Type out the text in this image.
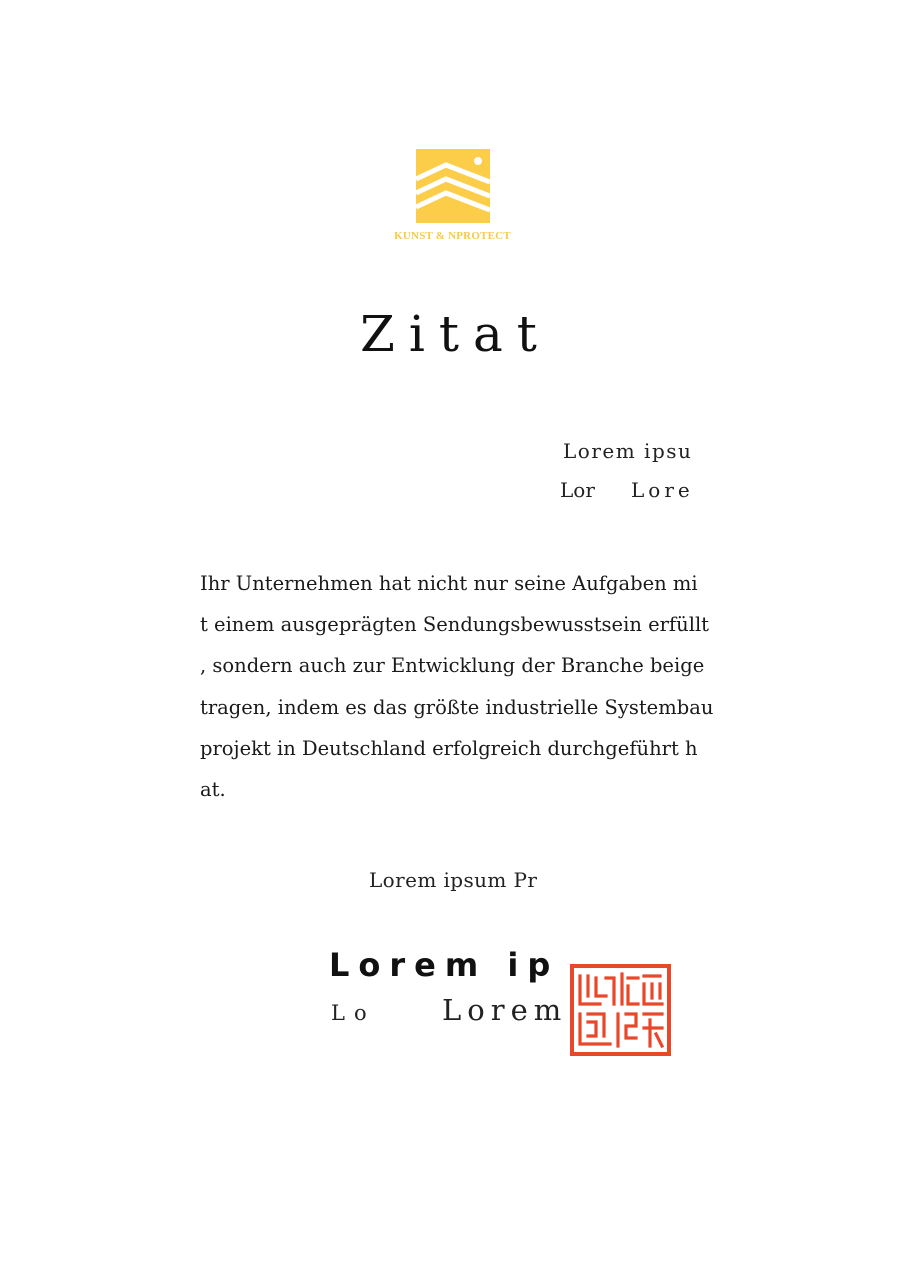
KUNST & NPROTECT
Zitat
Lorem ipsu
Lor Lore
Ihr Unternehmen hat nicht nur seine Aufgaben mi
t einem ausgeprägten Sendungsbewusstsein erfüllt
, sondern auch zur Entwicklung der Branche beige
tragen, indem es das größte industrielle Systembau
projekt in Deutschland erfolgreich durchgeführt h
at.
Lorem ipsum Pr
Lorem ip
Lo Lorem
